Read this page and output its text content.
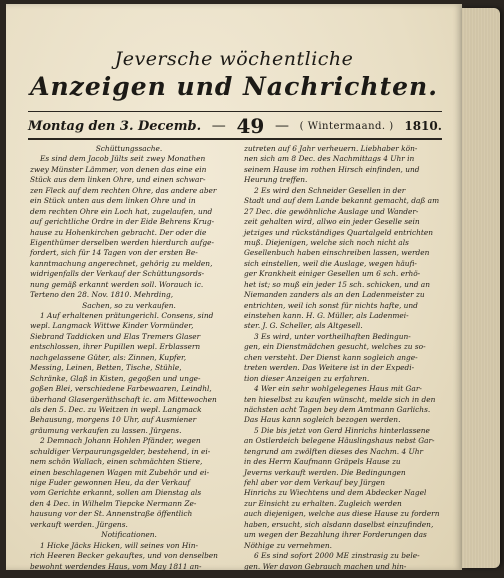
Jeversche wöchentliche
Anzeigen und Nachrichten.
Montag den 3. Decemb. — 49 — ( Wintermaand. ) 1810.
Schüttungssache.
Es sind dem Jacob Jülts seit zwey Monathen
zwey Münster Lämmer, von denen das eine ein
Stück aus dem linken Ohre, und einen schwar-
zen Fleck auf dem rechten Ohre, das andere aber
ein Stück unten aus dem linken Ohre und in
dem rechten Ohre ein Loch hat, zugelaufen, und
auf gerichtliche Ordre in der Eide Behrens Krug-
hause zu Hohenkirchen gebracht. Der oder die
Eigenthümer derselben werden hierdurch aufge-
fordert, sich für 14 Tagen von der ersten Be-
kanntmachung angerechnet, gehörig zu melden,
widrigenfalls der Verkauf der Schüttungsords-
nung gemäß erkannt werden soll. Worauch ic.
Terteno den 28. Nov. 1810. Mehrding,
Sachen, so zu verkaufen.
1 Auf erhaltenen prätungerichl. Consens, sind
wepl. Langmack Wittwe Kinder Vormünder,
Siebrand Taddicken und Elas Tremers Glaser
entschlossen, ihrer Pupillen wepl. Erblassern
nachgelassene Güter, als: Zinnen, Kupfer,
Messing, Leinen, Betten, Tische, Stühle,
Schränke, Glaß in Kisten, gegoßen und unge-
goßen Blei, verschiedene Farbewaaren, Leindhl,
überhand Glasergeräthschaft ic. am Mittewochen
als den 5. Dec. zu Weitzen in wepl. Langmack
Behausung, morgens 10 Uhr, auf Ausmiener
gräumung verkaufen zu lassen. Jürgens.
2 Demnach Johann Hohlen Pfänder, wegen
schuldiger Verpaurungsgelder, bestehend, in ei-
nem schön Wallach, einen schmächten Stiere,
einen beschlagenen Wagen mit Zubehör und ei-
nige Fuder gewonnen Heu, da der Verkauf
vom Gerichte erkannt, sollen am Dienstag als
den 4 Dec. in Wilhelm Tiepcke Nermann Ze-
hausung vor der St. Annenstraße öffentlich
verkauft werden. Jürgens.
Notificationen.
1 Hicke Jäcks Hicken, will seines von Hin-
rich Heeren Becker gekauftes, und von denselben
bewohnt werdendes Haus, vom May 1811 an-
zutreten auf 6 Jahr verheuern. Liebhaber kön-
nen sich am 8 Dec. des Nachmittags 4 Uhr in
seinem Hause im rothen Hirsch einfinden, und
Heurung treffen.
2 Es wird den Schneider Gesellen in der
Stadt und auf dem Lande bekannt gemacht, daß am
27 Dec. die gewöhnliche Auslage und Wander-
zeit gehalten wird, allwo ein jeder Geselle sein
jetziges und rückständiges Quartalgeld entrichten
muß. Diejenigen, welche sich noch nicht als
Gesellenbuch haben einschreiben lassen, werden
sich einstellen, weil die Auslage, wegen häufi-
ger Krankheit einiger Gesellen um 6 sch. erhö-
het ist; so muß ein jeder 15 sch. schicken, und an
Niemanden zanders als an den Ladenmeister zu
entrichten, weil ich sonst für nichts hafte, und
einstehen kann. H. G. Müller, als Ladenmei-
ster. J. G. Scheller, als Altgesell.
3 Es wird, unter vortheilhaften Bedingun-
gen, ein Dienstmädchen gesucht, welches zu so-
chen versteht. Der Dienst kann sogleich ange-
treten werden. Das Weitere ist in der Expedi-
tion dieser Anzeigen zu erfahren.
4 Wer ein sehr wohlgelegenes Haus mit Gar-
ten hieselbst zu kaufen wünscht, melde sich in den
nächsten acht Tagen bey dem Amtmann Garlichs.
Das Haus kann sogleich bezogen werden.
5 Die bis jetzt von Gerd Hinrichs hinterlassene
an Ostlerdeich belegene Häuslingshaus nebst Gar-
tengrund am zwölften dieses des Nachm. 4 Uhr
in des Herrn Kaufmann Gräpels Hause zu
Jeverns verkauft werden. Die Bedingungen
fehl aber vor dem Verkauf bey Jürgen
Hinrichs zu Wiechtens und dem Abdecker Nagel
zur Einsicht zu erhalten. Zugleich werden
auch diejenigen, welche aus diese Hause zu fordern
haben, ersucht, sich alsdann daselbst einzufinden,
um wegen der Bezahlung ihrer Forderungen das
Nöthige zu vernehmen.
6 Es sind sofort 2000 ME zinstrasig zu bele-
gen. Wer davon Gebrauch machen und hin-
